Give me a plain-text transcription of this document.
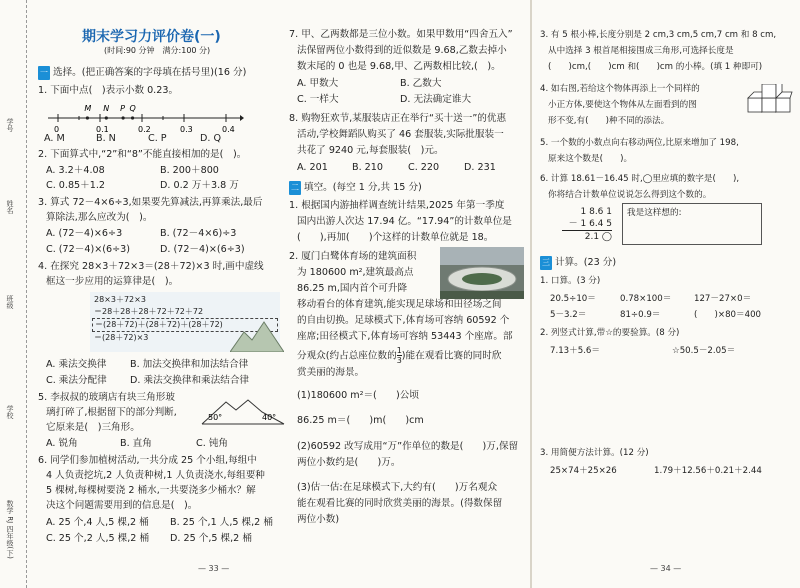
学号
姓名
班级
学校
数学 RJ 四年级(下)
期末学习力评价卷(一)
(时间:90 分钟　满分:100 分)
一 选择。(把正确答案的字母填在括号里)(16 分)
1. 下面中点(　)表示小数 0.23。
0	0.1	0.2	0.3	0.4
M N P Q
A. M	B. N	C. P	D. Q
2. 下面算式中,“2”和“8”不能直接相加的是(　)。
A. 3.2＋4.08	B. 200＋800
C. 0.85＋1.2	D. 0.2 万＋3.8 万
3. 算式 72－4×6÷3,如果要先算减法,再算乘法,最后
算除法,那么应改为(　)。
A. (72－4)×6÷3	B. (72－4×6)÷3
C. (72－4)×(6÷3)	D. (72－4)×(6÷3)
4. 在探究 28×3＋72×3＝(28＋72)×3 时,画中虚线
框这一步应用的运算律是(　)。
28×3＋72×3
＝28＋28＋28＋72＋72＋72
＝(28＋72)＋(28＋72)＋(28＋72)
＝(28＋72)×3
A. 乘法交换律 B. 加法交换律和加法结合律
C. 乘法分配律 D. 乘法交换律和乘法结合律
5. 李叔叔的玻璃店有块三角形玻
璃打碎了,根据留下的部分判断,
它原来是(　)三角形。
50°	40°
A. 锐角	B. 直角	C. 钝角
6. 同学们参加植树活动,一共分成 25 个小组,每组中
4 人负责挖坑,2 人负责种树,1 人负责浇水,每组要种
5 棵树,每棵树要浇 2 桶水,一共要浇多少桶水？解
决这个问题需要用到的信息是(　)。
A. 25 个,4 人,5 棵,2 桶 B. 25 个,1 人,5 棵,2 桶
C. 25 个,2 人,5 棵,2 桶 D. 25 个,5 棵,2 桶
— 33 —
7. 甲、乙两数都是三位小数。如果甲数用“四舍五入”
法保留两位小数得到的近似数是 9.68,乙数去掉小
数末尾的 0 也是 9.68,甲、乙两数相比较,(　)。
A. 甲数大	B. 乙数大
C. 一样大	D. 无法确定谁大
8. 购物狂欢节,某服装店正在举行“买十送一”的优惠
活动,学校舞蹈队购买了 46 套服装,实际批服装一
共花了 9240 元,每套服装(　)元。
A. 201	B. 210	C. 220	D. 231
二 填空。(每空 1 分,共 15 分)
1. 根据国内游抽样调查统计结果,2025 年第一季度
国内出游人次达 17.94 亿。“17.94”的计数单位是
(　　),再加(　　)个这样的计数单位就是 18。
2. 厦门白鹭体育场的建筑面积
为 180600 m²,建筑最高点
86.25 m,国内首个可升降
移动看台的体育建筑,能实现足球场和田径场之间
的自由切换。足球模式下,体育场可容纳 60592 个
座席;田径模式下,体育场可容纳 53443 个座席。部
分观众(约占总座位数的 $\frac{1}{3}$ )能在观看比赛的同时欣
赏美丽的海景。
(1)180600 m²＝(　　)公顷
86.25 m＝(　　)m(　　)cm
(2)60592 改写成用“万”作单位的数是(　　)万,保留
两位小数约是(　　)万。
(3)估一估:在足球模式下,大约有(　　)万名观众
能在观看比赛的同时欣赏美丽的海景。(得数保留
两位小数)
3. 有 5 根小棒,长度分别是 2 cm,3 cm,5 cm,7 cm 和 8 cm,
从中选择 3 根首尾相接围成三角形,可选择长度是
(　　)cm,(　　)cm 和(　　)cm 的小棒。(填 1 种即可)
4. 如右图,若给这个物体再添上一个同样的
小正方体,要使这个物体从左面看到的图
形不变,有(　　)种不同的添法。
5. 一个数的小数点向右移动两位,比原来增加了 198,
原来这个数是(　　)。
6. 计算 18.61－16.45 时,◯里应填的数字是(　　),
你将结合计数单位说说怎么得到这个数的。
1 8.6 1
－ 1 6.4 5
2.1 ◯
我是这样想的:
三 计算。(23 分)
1. 口算。(3 分)
20.5÷10＝	0.78×100＝	127－27×0＝
5－3.2＝	81÷0.9＝	(　　)×80＝400
2. 列竖式计算,带☆的要验算。(8 分)
7.13＋5.6＝	☆50.5－2.05＝
3. 用简便方法计算。(12 分)
25×74＋25×26	1.79＋12.56＋0.21＋2.44
— 34 —
